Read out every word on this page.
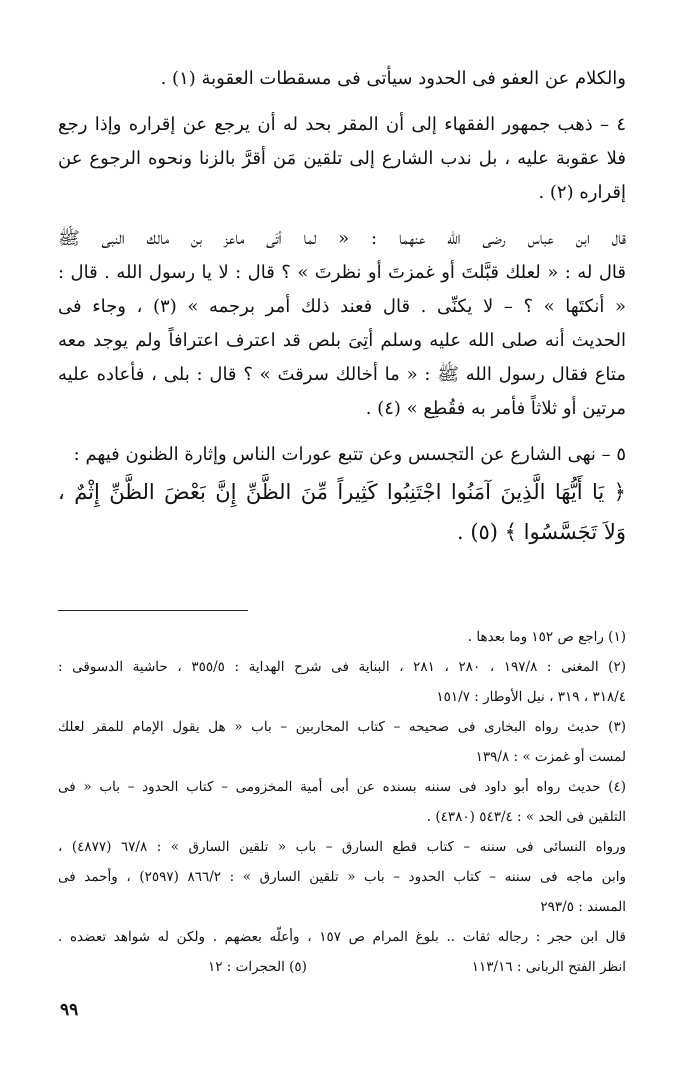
والكلام عن العفو فى الحدود سيأتى فى مسقطات العقوبة (١) .

٤ – ذهب جمهور الفقهاء إلى أن المقر بحد له أن يرجع عن إقراره وإذا رجع

فلا عقوبة عليه ، بل ندب الشارع إلى تلقين مَن أقرَّ بالزنا ونحوه الرجوع عن

إقراره (٢) .

قال ابن عباس رضى الله عنهما : « لما أتَى ماعز بن مالك النبى ﷺ

قال له : « لعلك قبَّلتَ أو غمزتَ أو نظرتَ » ؟ قال : لا يا رسول الله . قال :

« أنكتَها » ؟ – لا يكنِّى . قال فعند ذلك أمر برجمه » (٣) ، وجاء فى

الحديث أنه صلى الله عليه وسلم أتِىَ بلص قد اعترف اعترافاً ولم يوجد معه

متاع فقال رسول الله ﷺ : « ما أخالك سرقتَ » ؟ قال : بلى ، فأعاده عليه

مرتين أو ثلاثاً فأمر به فقُطِع » (٤) .

٥ – نهى الشارع عن التجسس وعن تتبع عورات الناس وإثارة الظنون فيهم :

﴿ يَا أَيُّهَا الَّذِينَ آمَنُوا اجْتَنِبُوا كَثِيراً مِّنَ الظَّنِّ إِنَّ بَعْضَ الظَّنِّ إِثْمٌ ،

وَلاَ تَجَسَّسُوا ﴾ (٥) .

(١) راجع ص ١٥٢ وما بعدها .

(٢) المغنى : ١٩٧/٨ ، ٢٨٠ ، ٢٨١ ، البناية فى شرح الهداية : ٣٥٥/٥ ، حاشية الدسوقى :

٣١٨/٤ ، ٣١٩ ، نيل الأوطار : ١٥١/٧

(٣) حديث رواه البخارى فى صحيحه – كتاب المحاربين – باب « هل يقول الإمام للمقر لعلك

لمست أو غمزت » : ١٣٩/٨

(٤) حديث رواه أبو داود فى سننه بسنده عن أبى أمية المخزومى – كتاب الحدود – باب « فى

التلقين فى الحد » : ٥٤٣/٤ (٤٣٨٠) .

ورواه النسائى فى سننه – كتاب قطع السارق – باب « تلقين السارق » : ٦٧/٨ (٤٨٧٧) ،

وابن ماجه فى سننه – كتاب الحدود – باب « تلقين السارق » : ٨٦٦/٢ (٢٥٩٧) ، وأحمد فى

المسند : ٢٩٣/٥

قال ابن حجر : رجاله ثقات .. بلوغ المرام ص ١٥٧ ، وأعلّه بعضهم . ولكن له شواهد تعضده .

انظر الفتح الربانى : ١١٣/١٦
(٥) الحجرات : ١٢

٩٩
